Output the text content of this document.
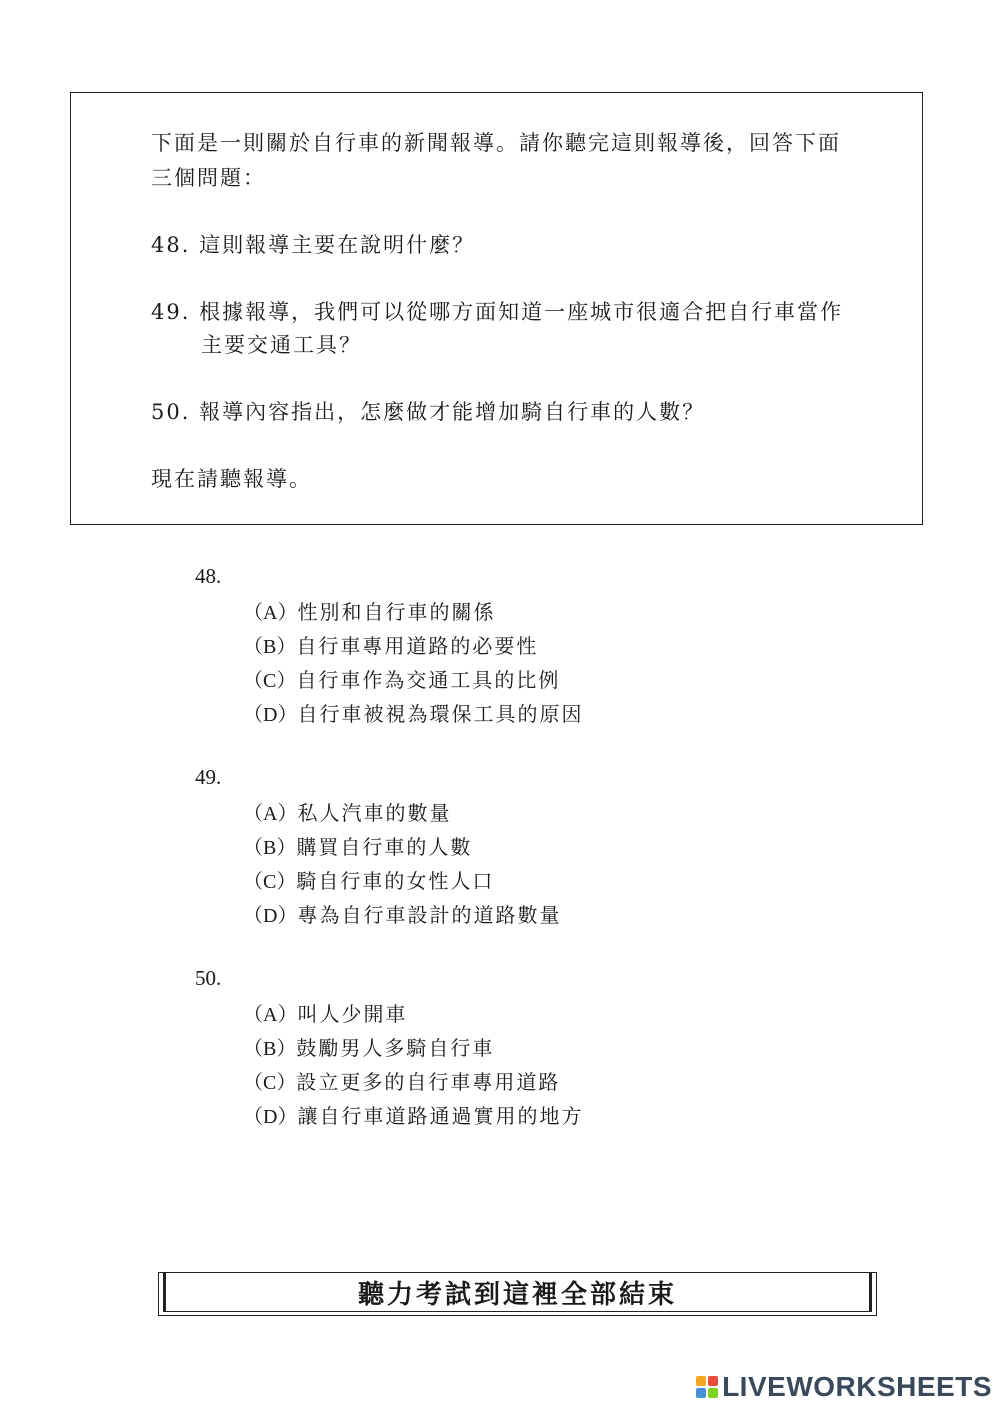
下面是一則關於自行車的新聞報導。請你聽完這則報導後，回答下面
三個問題：
48. 這則報導主要在說明什麼？
49. 根據報導，我們可以從哪方面知道一座城市很適合把自行車當作
主要交通工具？
50. 報導內容指出，怎麼做才能增加騎自行車的人數？
現在請聽報導。
48.
（A）性別和自行車的關係
（B）自行車專用道路的必要性
（C）自行車作為交通工具的比例
（D）自行車被視為環保工具的原因
49.
（A）私人汽車的數量
（B）購買自行車的人數
（C）騎自行車的女性人口
（D）專為自行車設計的道路數量
50.
（A）叫人少開車
（B）鼓勵男人多騎自行車
（C）設立更多的自行車專用道路
（D）讓自行車道路通過實用的地方
聽力考試到這裡全部結束
LIVEWORKSHEETS
